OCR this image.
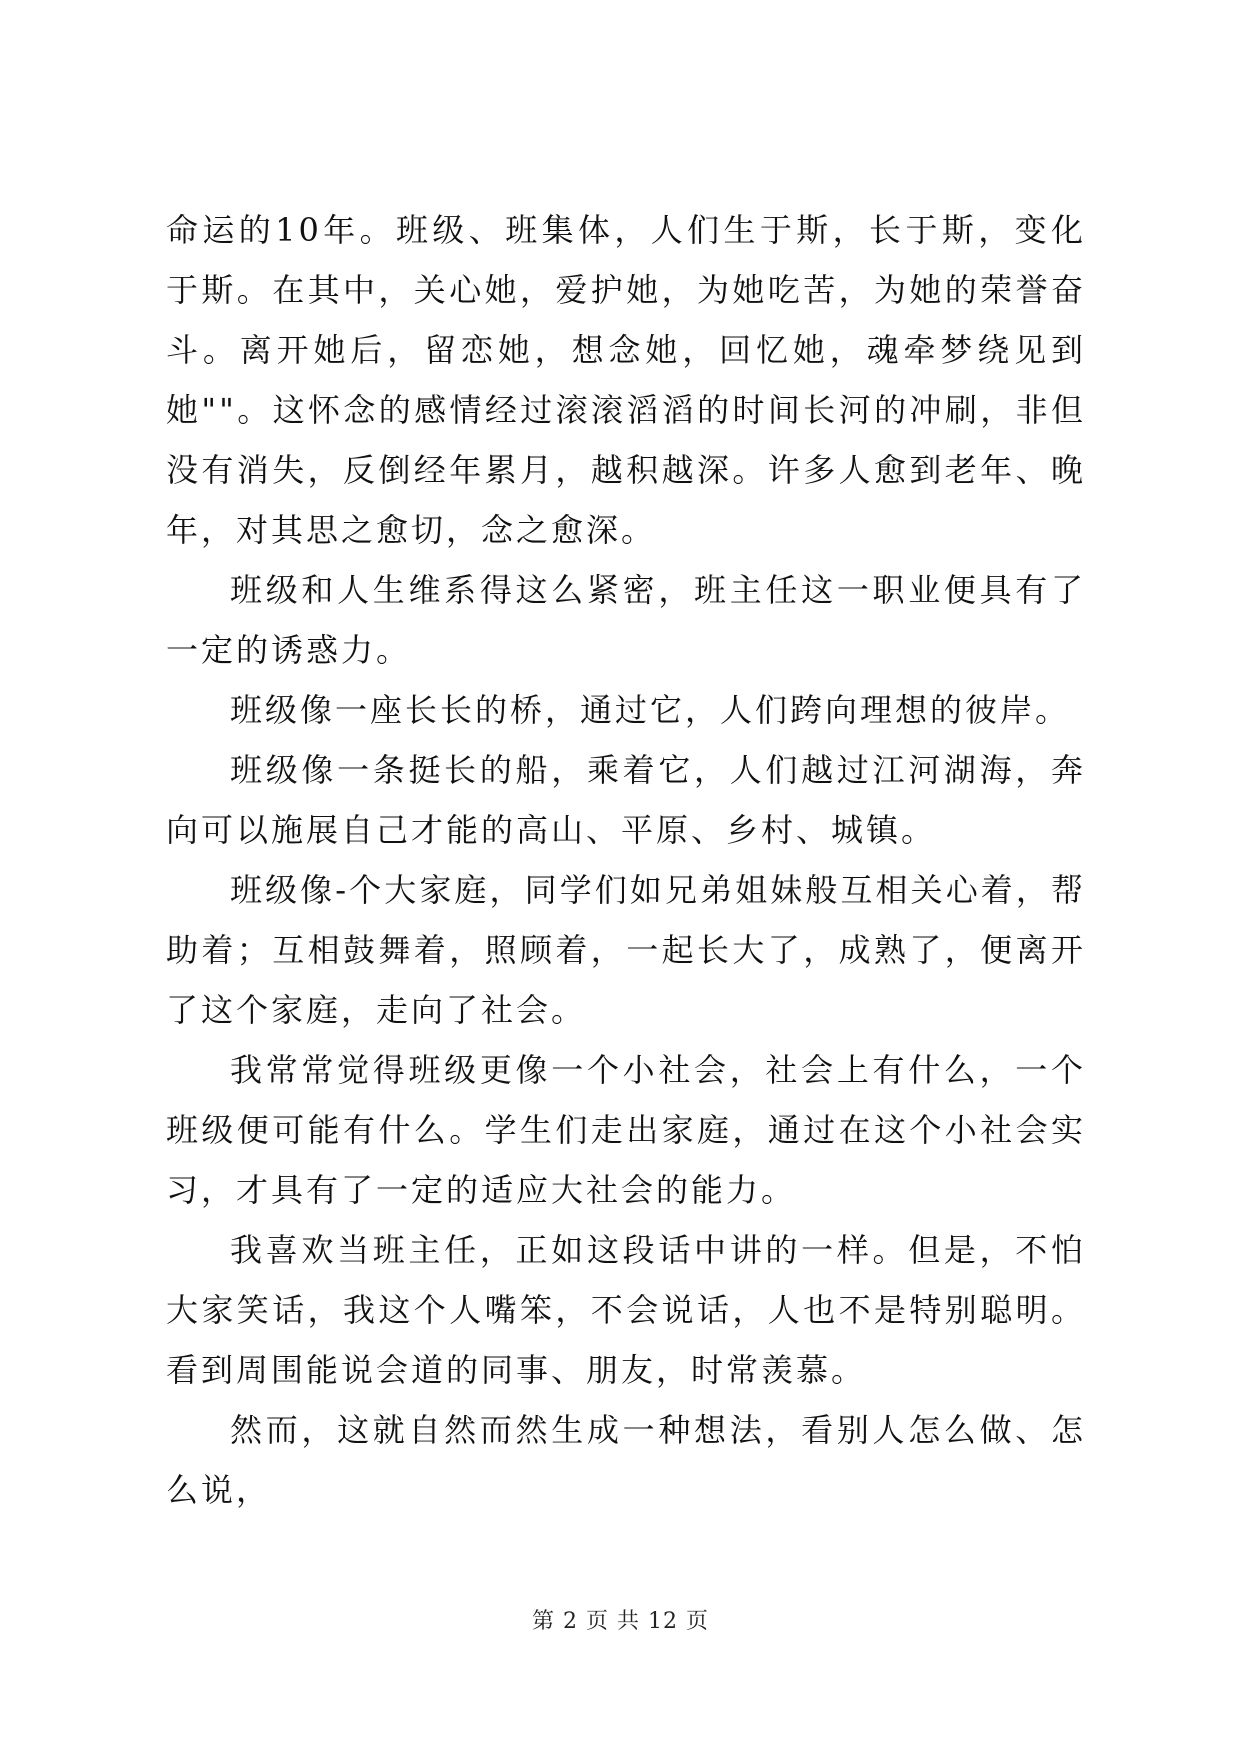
命运的10年。班级、班集体，人们生于斯，长于斯，变化于斯。在其中，关心她，爱护她，为她吃苦，为她的荣誉奋斗。离开她后，留恋她，想念她，回忆她，魂牵梦绕见到她""。这怀念的感情经过滚滚滔滔的时间长河的冲刷，非但没有消失，反倒经年累月，越积越深。许多人愈到老年、晚年，对其思之愈切，念之愈深。

班级和人生维系得这么紧密，班主任这一职业便具有了一定的诱惑力。

班级像一座长长的桥，通过它，人们跨向理想的彼岸。

班级像一条挺长的船，乘着它，人们越过江河湖海，奔向可以施展自己才能的高山、平原、乡村、城镇。

班级像-个大家庭，同学们如兄弟姐妹般互相关心着，帮助着；互相鼓舞着，照顾着，一起长大了，成熟了，便离开了这个家庭，走向了社会。

我常常觉得班级更像一个小社会，社会上有什么，一个班级便可能有什么。学生们走出家庭，通过在这个小社会实习，才具有了一定的适应大社会的能力。

我喜欢当班主任，正如这段话中讲的一样。但是，不怕大家笑话，我这个人嘴笨，不会说话，人也不是特别聪明。看到周围能说会道的同事、朋友，时常羡慕。

然而，这就自然而然生成一种想法，看别人怎么做、怎么说，

第 2 页 共 12 页
